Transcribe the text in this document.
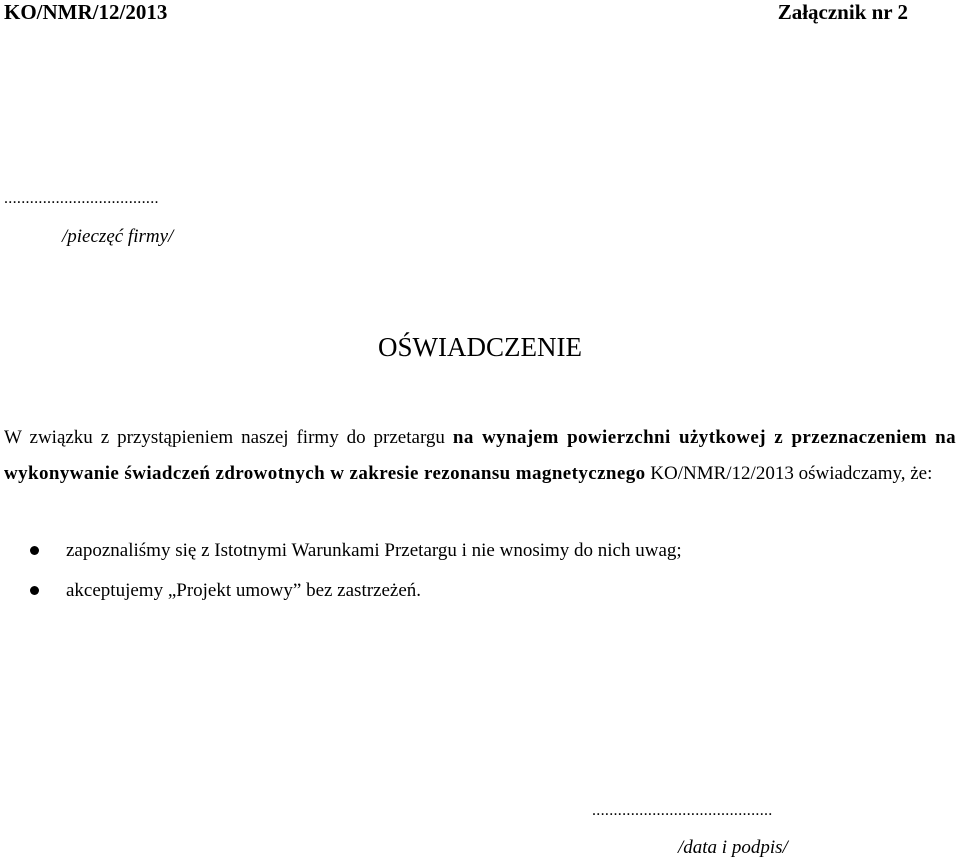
KO/NMR/12/2013	Załącznik nr 2
....................................
/pieczęć firmy/
OŚWIADCZENIE
W związku z przystąpieniem naszej firmy do przetargu na wynajem powierzchni użytkowej z przeznaczeniem na wykonywanie świadczeń zdrowotnych w zakresie rezonansu magnetycznego KO/NMR/12/2013 oświadczamy, że:
zapoznaliśmy się z Istotnymi Warunkami Przetargu i nie wnosimy do nich uwag;
akceptujemy „Projekt umowy” bez zastrzeżeń.
..........................................
/data i podpis/
